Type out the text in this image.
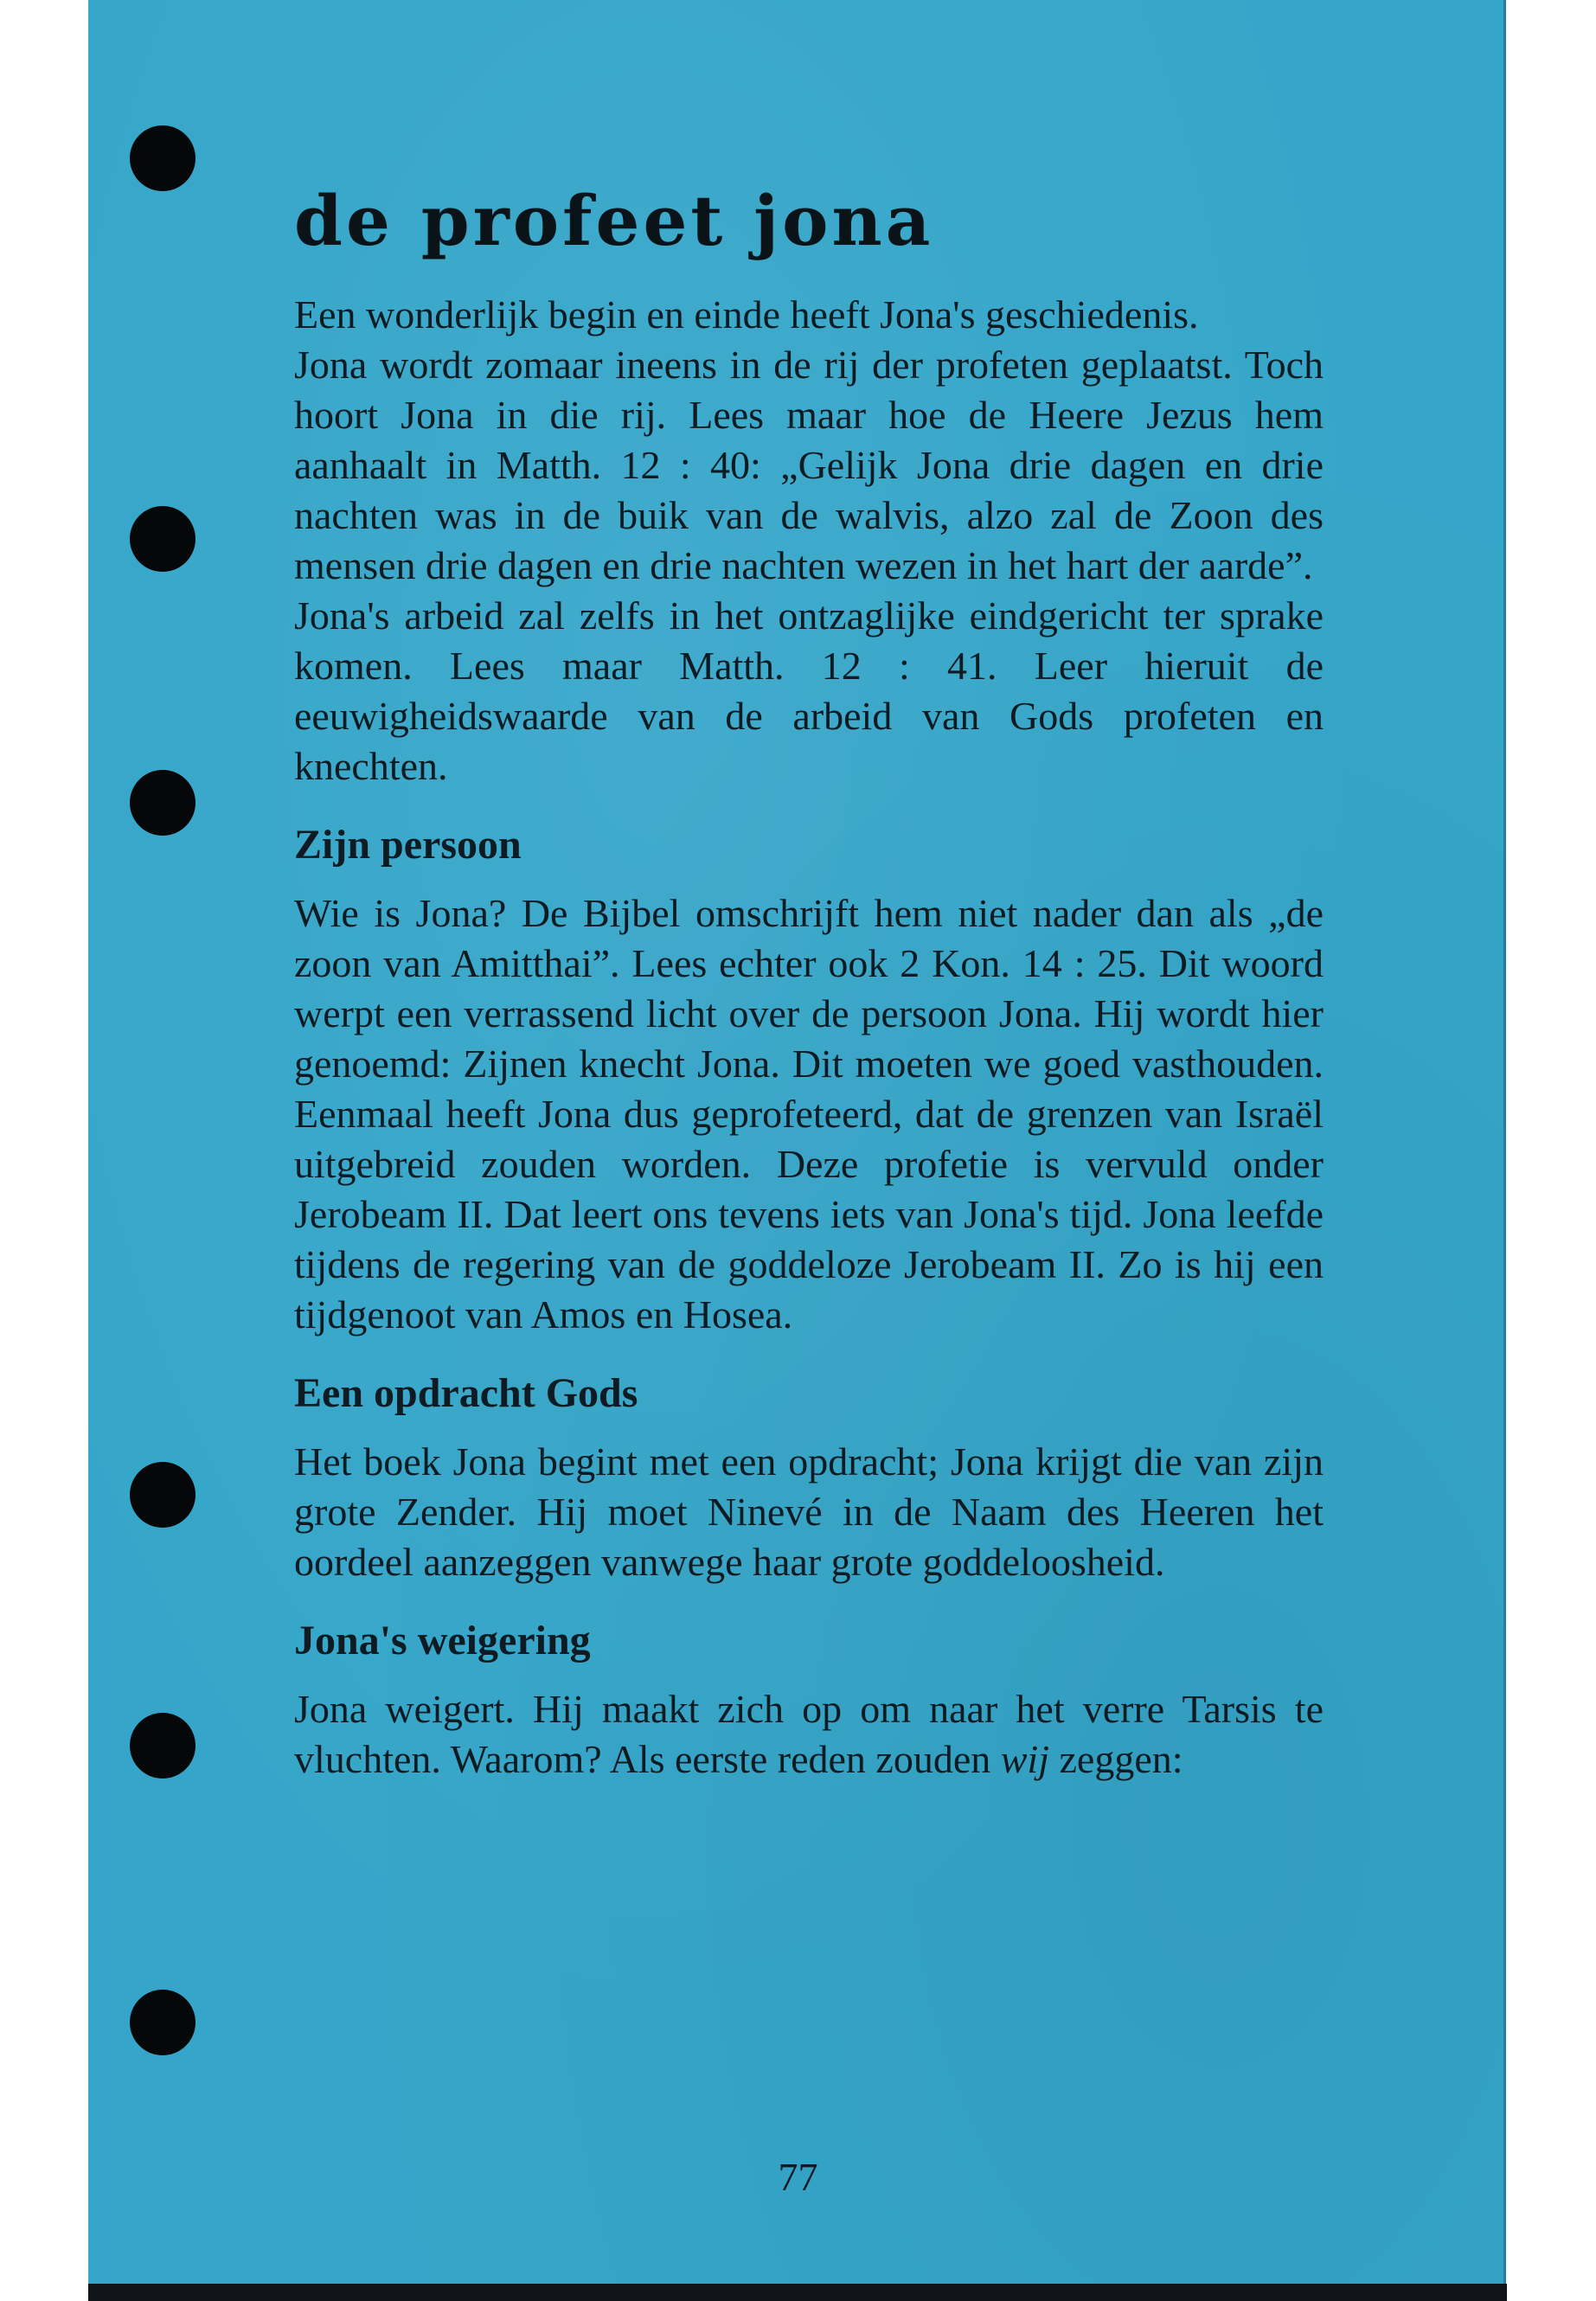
de profeet jona

Een wonderlijk begin en einde heeft Jona's geschiedenis.

Jona wordt zomaar ineens in de rij der profeten geplaatst. Toch hoort Jona in die rij. Lees maar hoe de Heere Jezus hem aanhaalt in Matth. 12 : 40: „Gelijk Jona drie dagen en drie nachten was in de buik van de walvis, alzo zal de Zoon des mensen drie dagen en drie nachten wezen in het hart der aarde”.

Jona's arbeid zal zelfs in het ontzaglijke eindgericht ter sprake komen. Lees maar Matth. 12 : 41. Leer hieruit de eeuwigheidswaarde van de arbeid van Gods profeten en knechten.

Zijn persoon

Wie is Jona? De Bijbel omschrijft hem niet nader dan als „de zoon van Amitthai”. Lees echter ook 2 Kon. 14 : 25. Dit woord werpt een verrassend licht over de persoon Jona. Hij wordt hier genoemd: Zijnen knecht Jona. Dit moeten we goed vasthouden. Eenmaal heeft Jona dus geprofeteerd, dat de grenzen van Israël uitgebreid zouden worden. Deze profetie is vervuld onder Jerobeam II. Dat leert ons tevens iets van Jona's tijd. Jona leefde tijdens de regering van de goddeloze Jerobeam II. Zo is hij een tijdgenoot van Amos en Hosea.

Een opdracht Gods

Het boek Jona begint met een opdracht; Jona krijgt die van zijn grote Zender. Hij moet Ninevé in de Naam des Heeren het oordeel aanzeggen vanwege haar grote goddeloosheid.

Jona's weigering

Jona weigert. Hij maakt zich op om naar het verre Tarsis te vluchten. Waarom? Als eerste reden zouden wij zeggen:

77
